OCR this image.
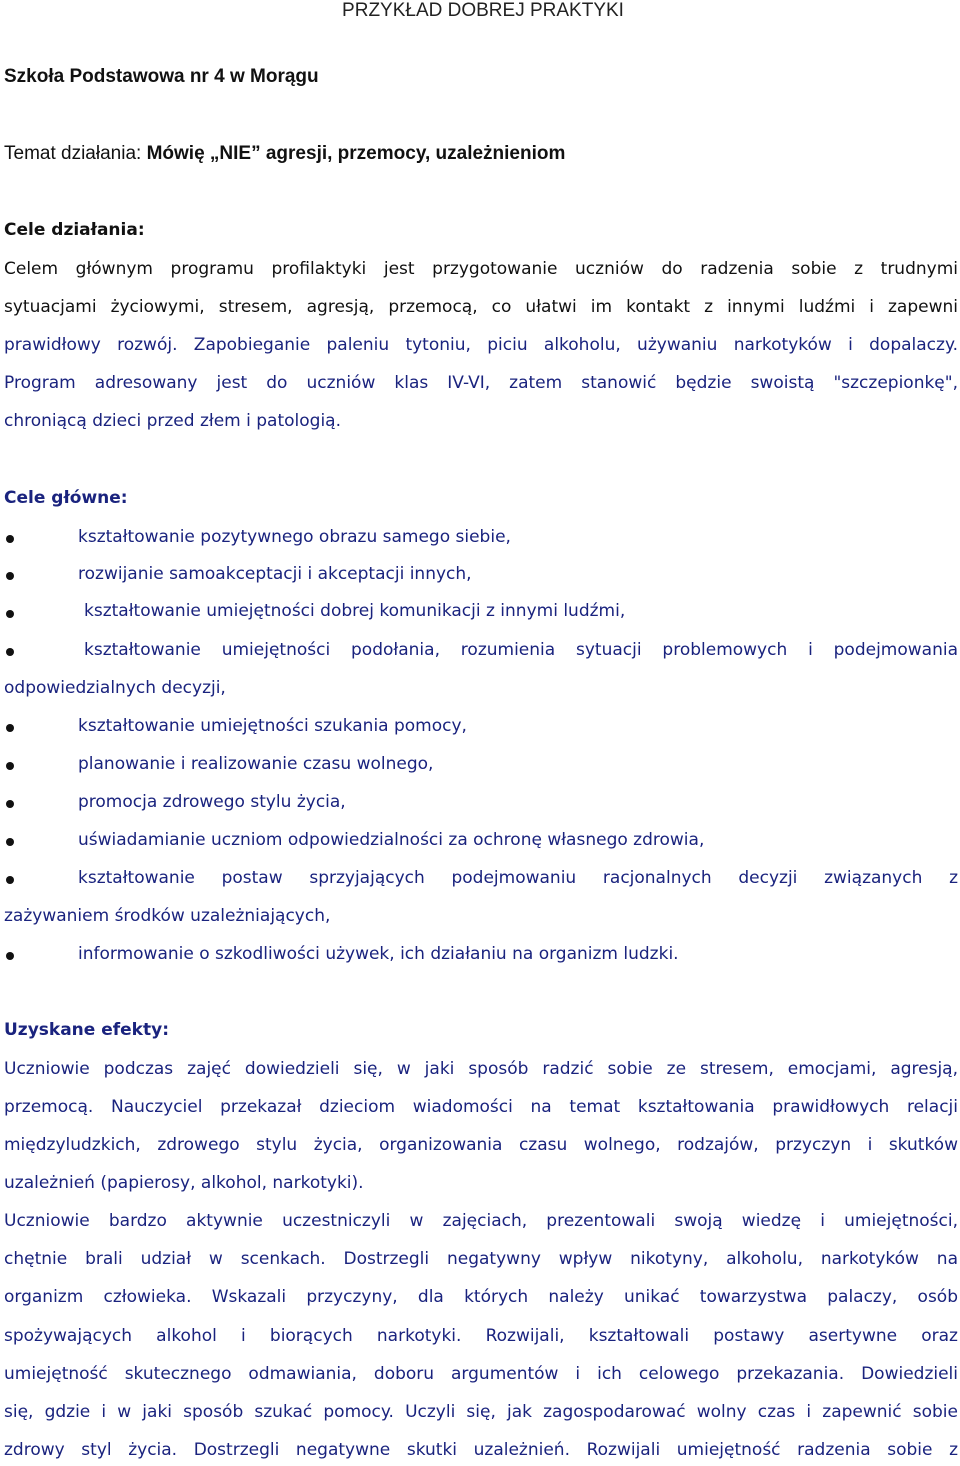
PRZYKŁAD DOBREJ PRAKTYKI
Szkoła Podstawowa nr 4 w Morągu
Temat działania: Mówię „NIE” agresji, przemocy, uzależnieniom
Cele działania:
Celem głównym programu profilaktyki jest przygotowanie uczniów do radzenia sobie z trudnymi
sytuacjami życiowymi, stresem, agresją, przemocą, co ułatwi im kontakt z innymi ludźmi i zapewni
prawidłowy rozwój. Zapobieganie paleniu tytoniu, piciu alkoholu, używaniu narkotyków i dopalaczy.
Program adresowany jest do uczniów klas IV-VI, zatem stanowić będzie swoistą "szczepionkę",
chroniącą dzieci przed złem i patologią.
Cele główne:
kształtowanie pozytywnego obrazu samego siebie,
rozwijanie samoakceptacji i akceptacji innych,
kształtowanie umiejętności dobrej komunikacji z innymi ludźmi,
kształtowanie umiejętności podołania, rozumienia sytuacji problemowych i podejmowania
odpowiedzialnych decyzji,
kształtowanie umiejętności szukania pomocy,
planowanie i realizowanie czasu wolnego,
promocja zdrowego stylu życia,
uświadamianie uczniom odpowiedzialności za ochronę własnego zdrowia,
kształtowanie postaw sprzyjających podejmowaniu racjonalnych decyzji związanych z
zażywaniem środków uzależniających,
informowanie o szkodliwości używek, ich działaniu na organizm ludzki.
Uzyskane efekty:
Uczniowie podczas zajęć dowiedzieli się, w jaki sposób radzić sobie ze stresem, emocjami, agresją,
przemocą. Nauczyciel przekazał dzieciom wiadomości na temat kształtowania prawidłowych relacji
międzyludzkich, zdrowego stylu życia, organizowania czasu wolnego, rodzajów, przyczyn i skutków
uzależnień (papierosy, alkohol, narkotyki).
Uczniowie bardzo aktywnie uczestniczyli w zajęciach, prezentowali swoją wiedzę i umiejętności,
chętnie brali udział w scenkach. Dostrzegli negatywny wpływ nikotyny, alkoholu, narkotyków na
organizm człowieka. Wskazali przyczyny, dla których należy unikać towarzystwa palaczy, osób
spożywających alkohol i biorących narkotyki. Rozwijali, kształtowali postawy asertywne oraz
umiejętność skutecznego odmawiania, doboru argumentów i ich celowego przekazania. Dowiedzieli
się, gdzie i w jaki sposób szukać pomocy. Uczyli się, jak zagospodarować wolny czas i zapewnić sobie
zdrowy styl życia. Dostrzegli negatywne skutki uzależnień. Rozwijali umiejętność radzenia sobie z
